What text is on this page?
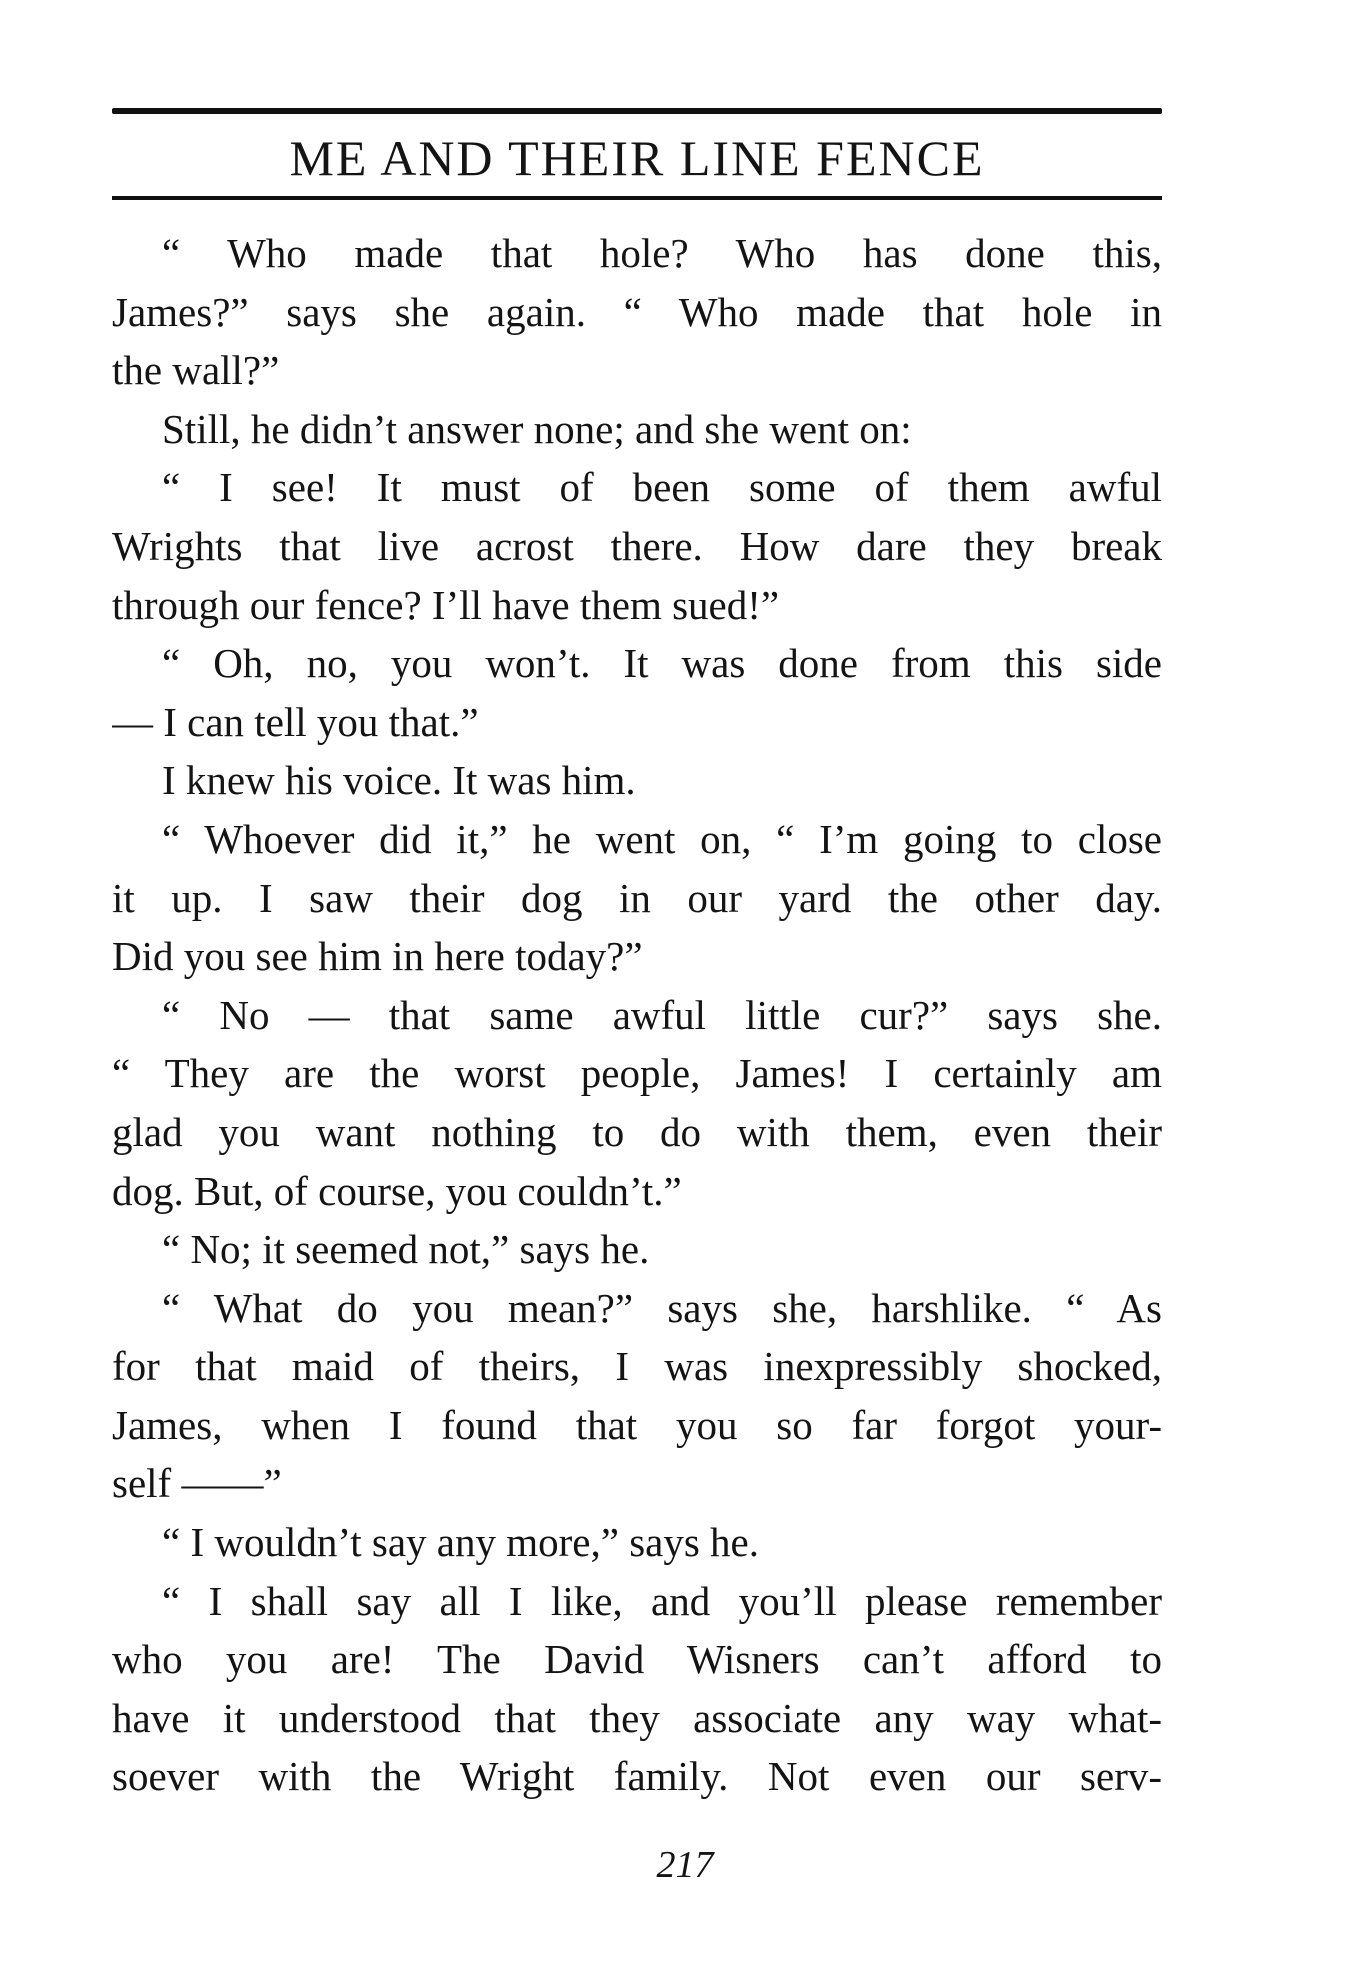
ME AND THEIR LINE FENCE
“ Who made that hole? Who has done this,
James?” says she again. “ Who made that hole in
the wall?”
Still, he didn’t answer none; and she went on:
“ I see! It must of been some of them awful
Wrights that live acrost there. How dare they break
through our fence? I’ll have them sued!”
“ Oh, no, you won’t. It was done from this side
— I can tell you that.”
I knew his voice. It was him.
“ Whoever did it,” he went on, “ I’m going to close
it up. I saw their dog in our yard the other day.
Did you see him in here today?”
“ No — that same awful little cur?” says she.
“ They are the worst people, James! I certainly am
glad you want nothing to do with them, even their
dog. But, of course, you couldn’t.”
“ No; it seemed not,” says he.
“ What do you mean?” says she, harshlike. “ As
for that maid of theirs, I was inexpressibly shocked,
James, when I found that you so far forgot your-
self ——”
“ I wouldn’t say any more,” says he.
“ I shall say all I like, and you’ll please remember
who you are! The David Wisners can’t afford to
have it understood that they associate any way what-
soever with the Wright family. Not even our serv-
217
